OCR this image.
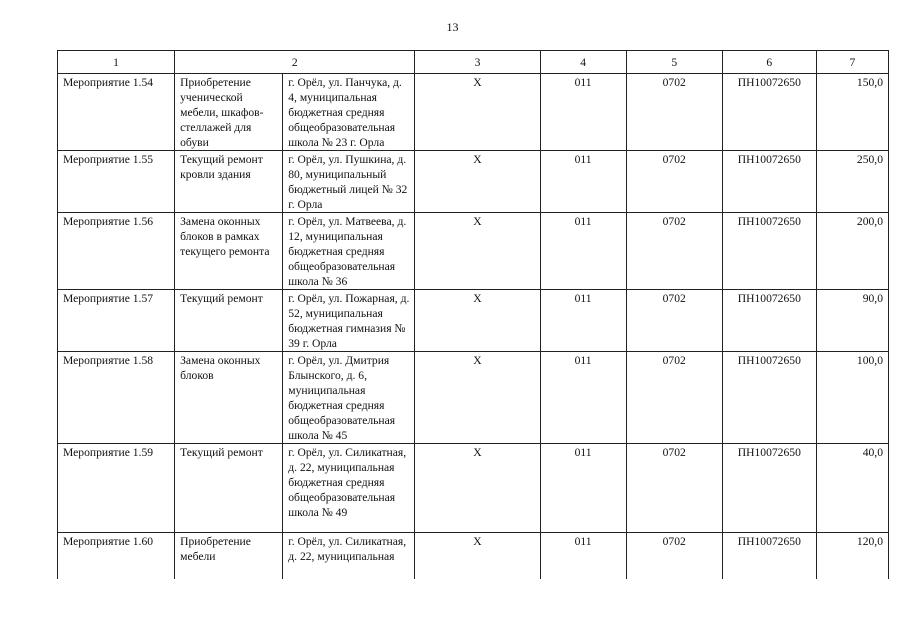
13
1	2		3	4	5	6	7
Мероприятие 1.54	Приобретение ученической мебели, шкафов-стеллажей для обуви	г. Орёл, ул. Панчука, д. 4, муниципальная бюджетная средняя общеобразовательная школа № 23 г. Орла	X	011	0702	ПН10072650	150,0
Мероприятие 1.55	Текущий ремонт кровли здания	г. Орёл, ул. Пушкина, д. 80, муниципальный бюджетный лицей № 32 г. Орла	X	011	0702	ПН10072650	250,0
Мероприятие 1.56	Замена оконных блоков в рамках текущего ремонта	г. Орёл, ул. Матвеева, д. 12, муниципальная бюджетная средняя общеобразовательная школа № 36	X	011	0702	ПН10072650	200,0
Мероприятие 1.57	Текущий ремонт	г. Орёл, ул. Пожарная, д. 52, муниципальная бюджетная гимназия № 39 г. Орла	X	011	0702	ПН10072650	90,0
Мероприятие 1.58	Замена оконных блоков	г. Орёл, ул. Дмитрия Блынского, д. 6, муниципальная бюджетная средняя общеобразовательная школа № 45	X	011	0702	ПН10072650	100,0
Мероприятие 1.59	Текущий ремонт	г. Орёл, ул. Силикатная, д. 22, муниципальная бюджетная средняя общеобразовательная школа № 49	X	011	0702	ПН10072650	40,0
Мероприятие 1.60	Приобретение мебели	г. Орёл, ул. Силикатная, д. 22, муниципальная	X	011	0702	ПН10072650	120,0
